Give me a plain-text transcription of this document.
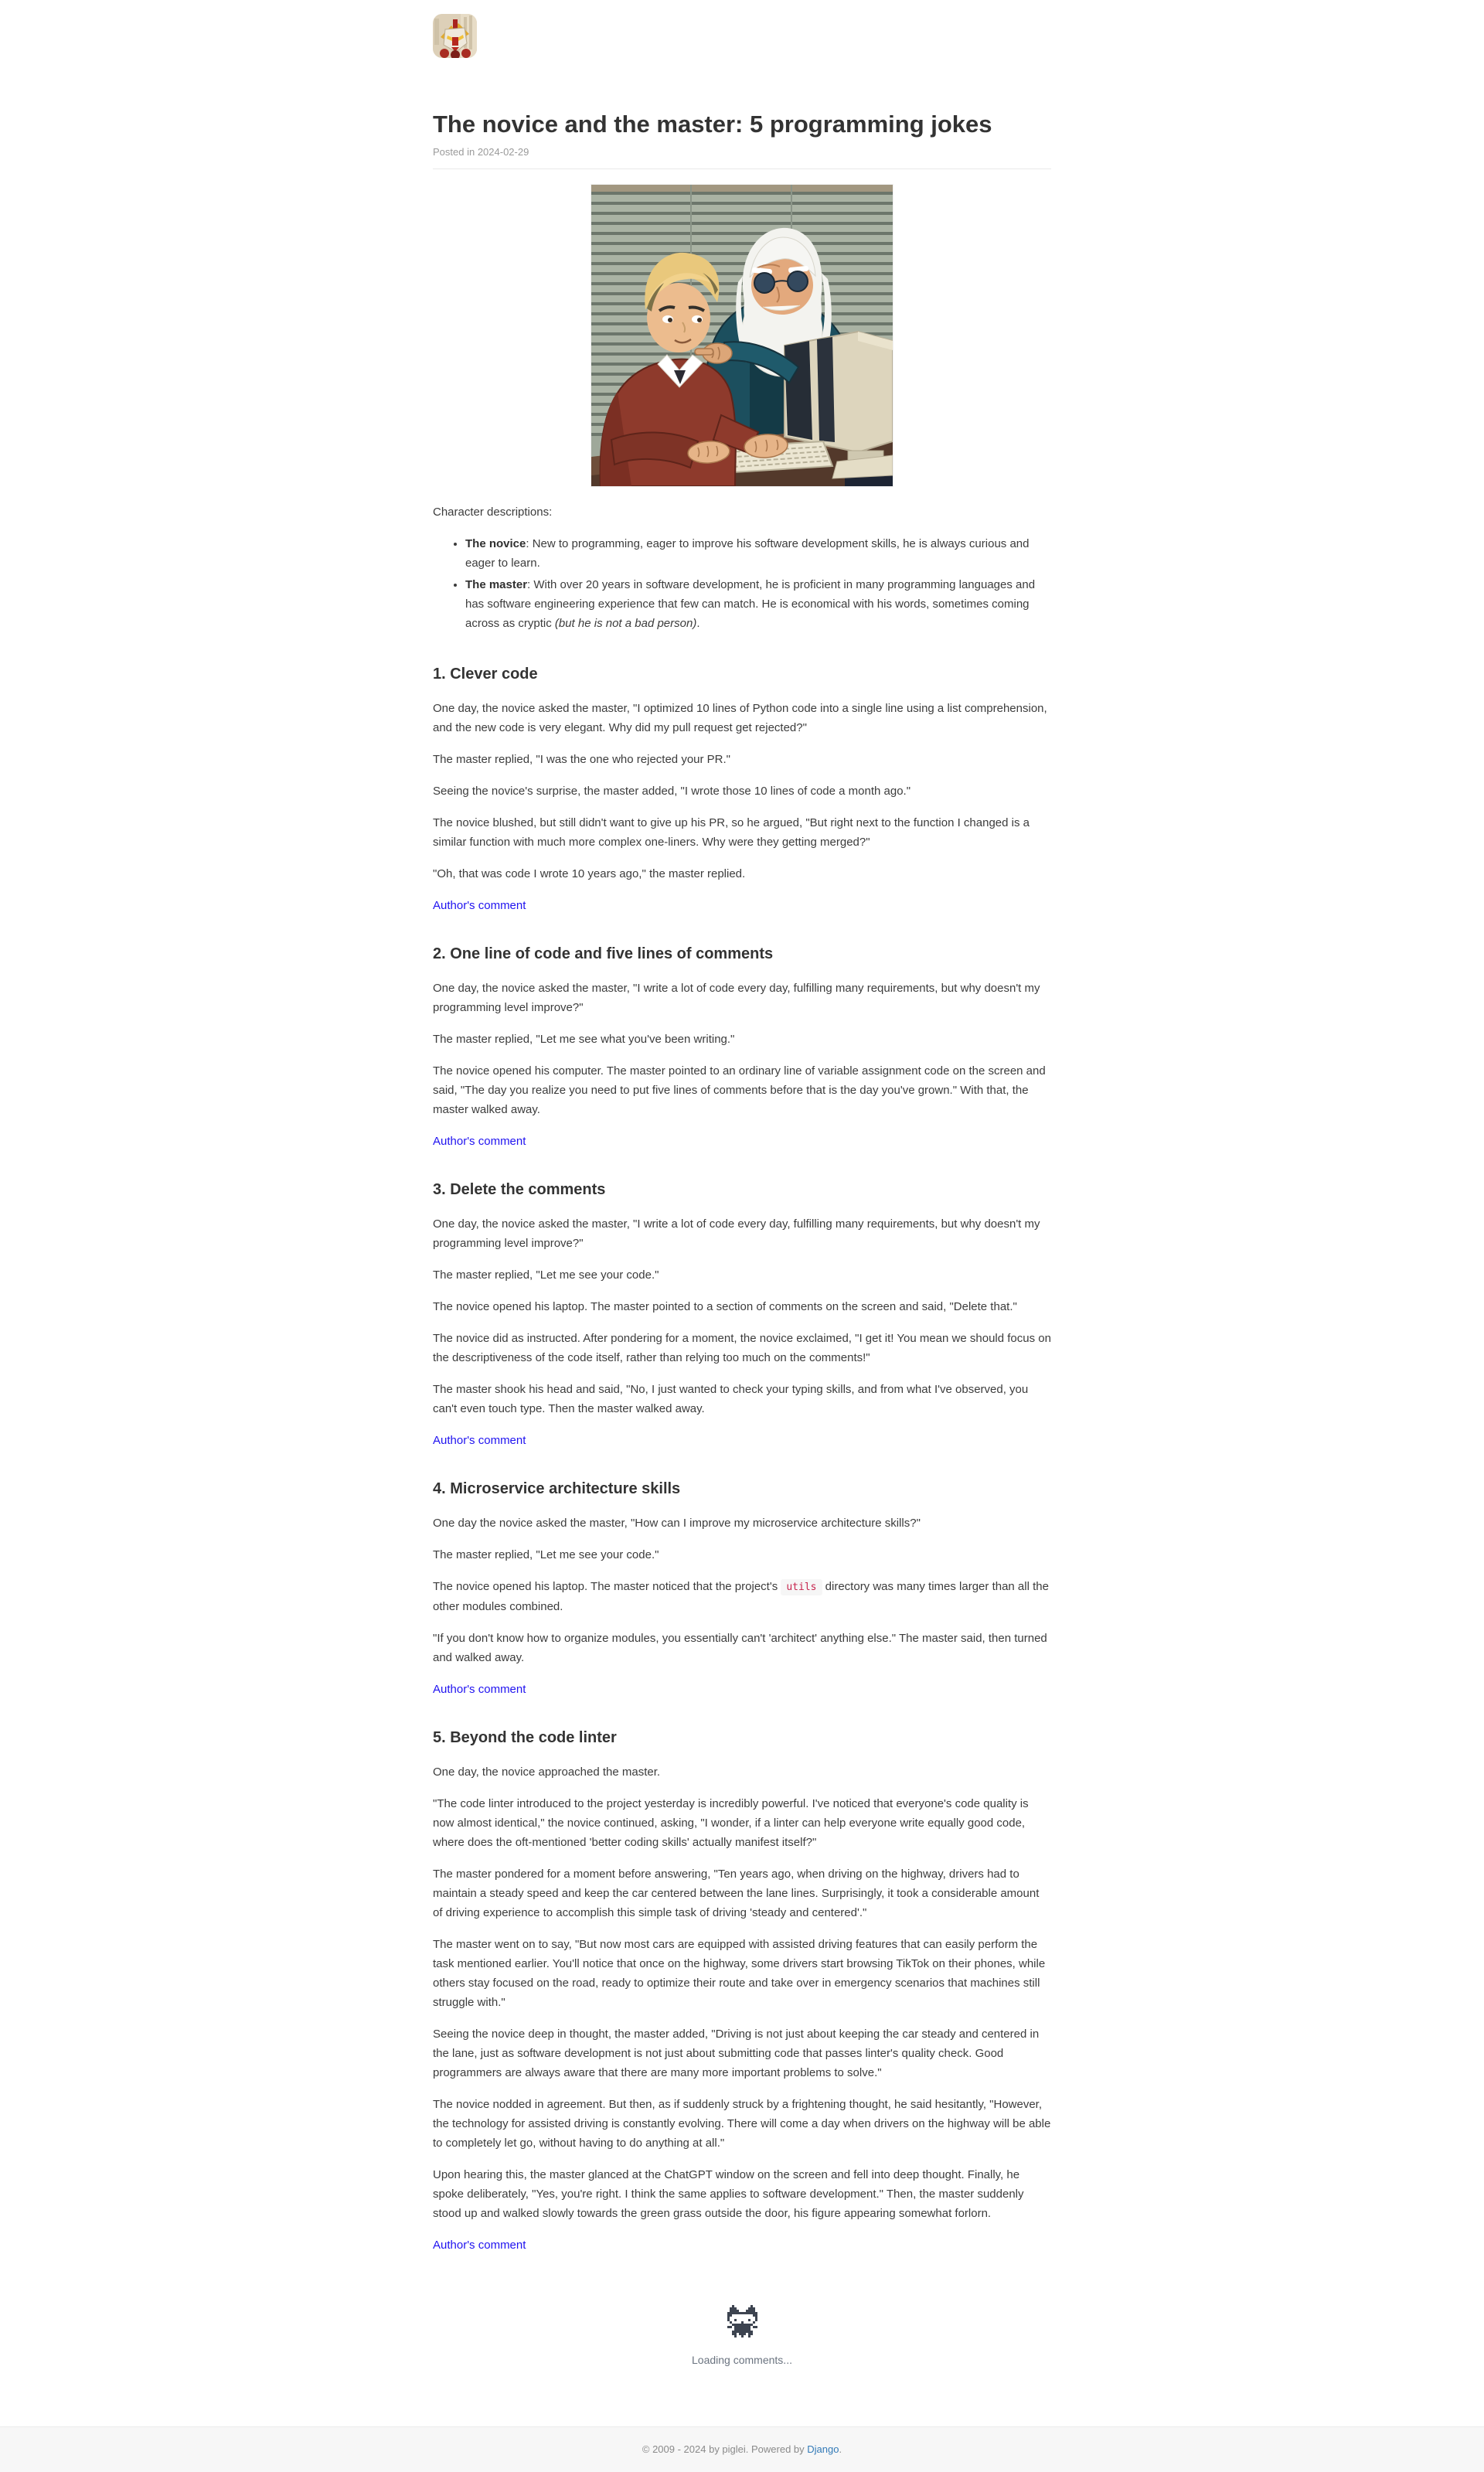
The novice and the master: 5 programming jokes

Posted in 2024-02-29

Character descriptions:

• The novice: New to programming, eager to improve his software development skills, he is always curious and eager to learn.
• The master: With over 20 years in software development, he is proficient in many programming languages and has software engineering experience that few can match. He is economical with his words, sometimes coming across as cryptic (but he is not a bad person).
1. Clever code

One day, the novice asked the master, "I optimized 10 lines of Python code into a single line using a list comprehension, and the new code is very elegant. Why did my pull request get rejected?"

The master replied, "I was the one who rejected your PR."

Seeing the novice's surprise, the master added, "I wrote those 10 lines of code a month ago."

The novice blushed, but still didn't want to give up his PR, so he argued, "But right next to the function I changed is a similar function with much more complex one-liners. Why were they getting merged?"

"Oh, that was code I wrote 10 years ago," the master replied.

Author's comment

2. One line of code and five lines of comments

One day, the novice asked the master, "I write a lot of code every day, fulfilling many requirements, but why doesn't my programming level improve?"

The master replied, "Let me see what you've been writing."

The novice opened his computer. The master pointed to an ordinary line of variable assignment code on the screen and said, "The day you realize you need to put five lines of comments before that is the day you've grown." With that, the master walked away.

Author's comment

3. Delete the comments

One day, the novice asked the master, "I write a lot of code every day, fulfilling many requirements, but why doesn't my programming level improve?"

The master replied, "Let me see your code."

The novice opened his laptop. The master pointed to a section of comments on the screen and said, "Delete that."

The novice did as instructed. After pondering for a moment, the novice exclaimed, "I get it! You mean we should focus on the descriptiveness of the code itself, rather than relying too much on the comments!"

The master shook his head and said, "No, I just wanted to check your typing skills, and from what I've observed, you can't even touch type. Then the master walked away.

Author's comment

4. Microservice architecture skills

One day the novice asked the master, "How can I improve my microservice architecture skills?"

The master replied, "Let me see your code."

The novice opened his laptop. The master noticed that the project's utils directory was many times larger than all the other modules combined.

"If you don't know how to organize modules, you essentially can't 'architect' anything else." The master said, then turned and walked away.

Author's comment

5. Beyond the code linter

One day, the novice approached the master.

"The code linter introduced to the project yesterday is incredibly powerful. I've noticed that everyone's code quality is now almost identical," the novice continued, asking, "I wonder, if a linter can help everyone write equally good code, where does the oft-mentioned 'better coding skills' actually manifest itself?"

The master pondered for a moment before answering, "Ten years ago, when driving on the highway, drivers had to maintain a steady speed and keep the car centered between the lane lines. Surprisingly, it took a considerable amount of driving experience to accomplish this simple task of driving 'steady and centered'."

The master went on to say, "But now most cars are equipped with assisted driving features that can easily perform the task mentioned earlier. You'll notice that once on the highway, some drivers start browsing TikTok on their phones, while others stay focused on the road, ready to optimize their route and take over in emergency scenarios that machines still struggle with."

Seeing the novice deep in thought, the master added, "Driving is not just about keeping the car steady and centered in the lane, just as software development is not just about submitting code that passes linter's quality check. Good programmers are always aware that there are many more important problems to solve."

The novice nodded in agreement. But then, as if suddenly struck by a frightening thought, he said hesitantly, "However, the technology for assisted driving is constantly evolving. There will come a day when drivers on the highway will be able to completely let go, without having to do anything at all."

Upon hearing this, the master glanced at the ChatGPT window on the screen and fell into deep thought. Finally, he spoke deliberately, "Yes, you're right. I think the same applies to software development." Then, the master suddenly stood up and walked slowly towards the green grass outside the door, his figure appearing somewhat forlorn.

Author's comment

Loading comments...

© 2009 - 2024 by piglei. Powered by Django.
